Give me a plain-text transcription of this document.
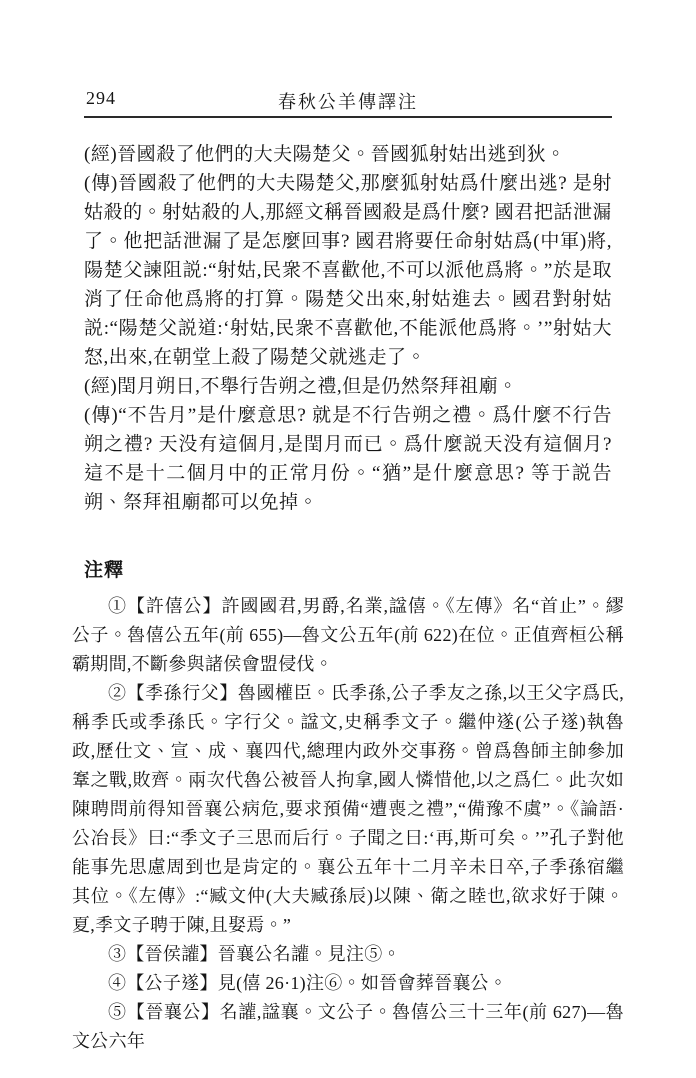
294	春秋公羊傳譯注

(經)晉國殺了他們的大夫陽楚父。晉國狐射姑出逃到狄。

(傳)晉國殺了他們的大夫陽楚父,那麼狐射姑爲什麼出逃? 是射姑殺的。射姑殺的人,那經文稱晉國殺是爲什麼? 國君把話泄漏了。他把話泄漏了是怎麼回事? 國君將要任命射姑爲(中軍)將,陽楚父諫阻説:“射姑,民衆不喜歡他,不可以派他爲將。”於是取消了任命他爲將的打算。陽楚父出來,射姑進去。國君對射姑説:“陽楚父説道:‘射姑,民衆不喜歡他,不能派他爲將。’”射姑大怒,出來,在朝堂上殺了陽楚父就逃走了。

(經)閏月朔日,不舉行告朔之禮,但是仍然祭拜祖廟。

(傳)“不告月”是什麼意思? 就是不行告朔之禮。爲什麼不行告朔之禮? 天没有這個月,是閏月而已。爲什麼説天没有這個月? 這不是十二個月中的正常月份。“猶”是什麼意思? 等于説告朔、祭拜祖廟都可以免掉。

注釋

①【許僖公】許國國君,男爵,名業,諡僖。《左傳》名“首止”。繆公子。魯僖公五年(前 655)—魯文公五年(前 622)在位。正值齊桓公稱霸期間,不斷參與諸侯會盟侵伐。

②【季孫行父】魯國權臣。氏季孫,公子季友之孫,以王父字爲氏,稱季氏或季孫氏。字行父。諡文,史稱季文子。繼仲遂(公子遂)執魯政,歷仕文、宣、成、襄四代,總理内政外交事務。曾爲魯師主帥參加鞌之戰,敗齊。兩次代魯公被晉人拘拿,國人憐惜他,以之爲仁。此次如陳聘問前得知晉襄公病危,要求預備“遭喪之禮”,“備豫不虞”。《論語·公冶長》曰:“季文子三思而后行。子聞之曰:‘再,斯可矣。’”孔子對他能事先思慮周到也是肯定的。襄公五年十二月辛未日卒,子季孫宿繼其位。《左傳》:“臧文仲(大夫臧孫辰)以陳、衛之睦也,欲求好于陳。夏,季文子聘于陳,且娶焉。”

③【晉侯讙】晉襄公名讙。見注⑤。

④【公子遂】見(僖 26·1)注⑥。如晉會葬晉襄公。

⑤【晉襄公】名讙,諡襄。文公子。魯僖公三十三年(前 627)—魯文公六年
